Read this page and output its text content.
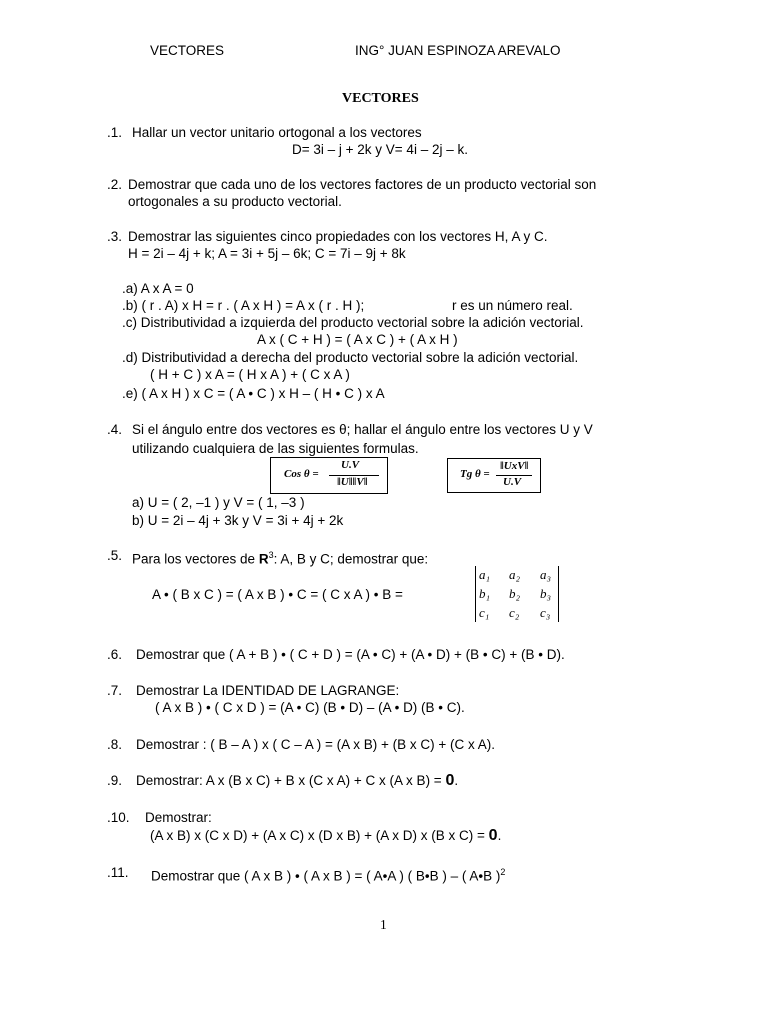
VECTORES	ING° JUAN ESPINOZA AREVALO
VECTORES
.1. Hallar un vector unitario ortogonal a los vectores
D= 3i – j + 2k y V= 4i – 2j – k.
.2. Demostrar que cada uno de los vectores factores de un producto vectorial son
ortogonales a su producto vectorial.
.3. Demostrar las siguientes cinco propiedades con los vectores H, A y C.
H = 2i – 4j + k; A = 3i + 5j – 6k; C = 7i – 9j + 8k
.a) A x A = 0
.b) ( r . A) x H = r . ( A x H ) = A x ( r . H );	r es un número real.
.c) Distributividad a izquierda del producto vectorial sobre la adición vectorial.
A x ( C + H ) = ( A x C ) + ( A x H )
.d) Distributividad a derecha del producto vectorial sobre la adición vectorial.
( H + C ) x A = ( H x A ) + ( C x A )
.e) ( A x H ) x C = ( A • C ) x H – ( H • C ) x A
.4. Si el ángulo entre dos vectores es θ; hallar el ángulo entre los vectores U y V
utilizando cualquiera de las siguientes formulas.
Cos θ =
U.V
‖U‖‖V‖
Tg θ =
‖UxV‖
U.V
a) U = ( 2, –1 ) y V = ( 1, –3 )
b) U = 2i – 4j + 3k y V = 3i + 4j + 2k
.5. Para los vectores de $R^3$: A, B y C; demostrar que:
A • ( B x C ) = ( A x B ) • C = ( C x A ) • B =
a₁ a₂ a₃
b₁ b₂ b₃
c₁ c₂ c₃
.6. Demostrar que ( A + B ) • ( C + D ) = (A • C) + (A • D) + (B • C) + (B • D).
.7. Demostrar La IDENTIDAD DE LAGRANGE:
( A x B ) • ( C x D ) = (A • C) (B • D) – (A • D) (B • C).
.8. Demostrar : ( B – A ) x ( C – A ) = (A x B) + (B x C) + (C x A).
.9. Demostrar: A x (B x C) + B x (C x A) + C x (A x B) = 0.
.10. Demostrar:
(A x B) x (C x D) + (A x C) x (D x B) + (A x D) x (B x C) = 0.
.11. Demostrar que ( A x B ) • ( A x B ) = ( A•A ) ( B•B ) – ( A•B )$^2$
1
